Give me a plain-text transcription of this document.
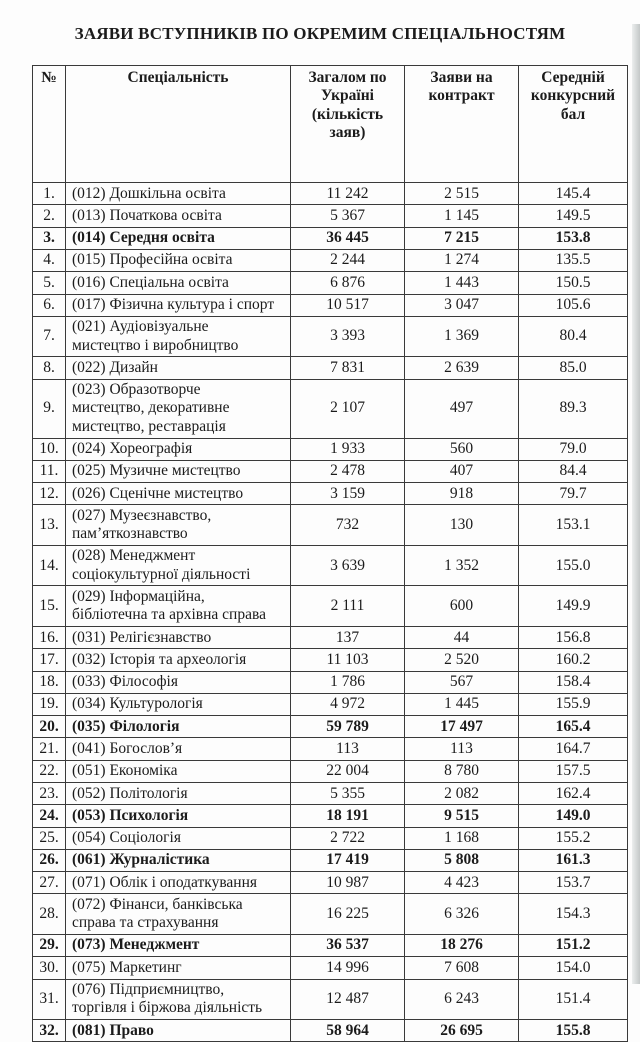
ЗАЯВИ ВСТУПНИКІВ ПО ОКРЕМИМ СПЕЦІАЛЬНОСТЯМ
№	Спеціальність	Загалом по Україні (кількість заяв)	Заяви на контракт	Середній конкурсний бал
1.	(012) Дошкільна освіта	11 242	2 515	145.4
2.	(013) Початкова освіта	5 367	1 145	149.5
3.	(014) Середня освіта	36 445	7 215	153.8
4.	(015) Професійна освіта	2 244	1 274	135.5
5.	(016) Спеціальна освіта	6 876	1 443	150.5
6.	(017) Фізична культура і спорт	10 517	3 047	105.6
7.	(021) Аудіовізуальне мистецтво і виробництво	3 393	1 369	80.4
8.	(022) Дизайн	7 831	2 639	85.0
9.	(023) Образотворче мистецтво, декоративне мистецтво, реставрація	2 107	497	89.3
10.	(024) Хореографія	1 933	560	79.0
11.	(025) Музичне мистецтво	2 478	407	84.4
12.	(026) Сценічне мистецтво	3 159	918	79.7
13.	(027) Музеєзнавство, пам’яткознавство	732	130	153.1
14.	(028) Менеджмент соціокультурної діяльності	3 639	1 352	155.0
15.	(029) Інформаційна, бібліотечна та архівна справа	2 111	600	149.9
16.	(031) Релігієзнавство	137	44	156.8
17.	(032) Історія та археологія	11 103	2 520	160.2
18.	(033) Філософія	1 786	567	158.4
19.	(034) Культурологія	4 972	1 445	155.9
20.	(035) Філологія	59 789	17 497	165.4
21.	(041) Богослов’я	113	113	164.7
22.	(051) Економіка	22 004	8 780	157.5
23.	(052) Політологія	5 355	2 082	162.4
24.	(053) Психологія	18 191	9 515	149.0
25.	(054) Соціологія	2 722	1 168	155.2
26.	(061) Журналістика	17 419	5 808	161.3
27.	(071) Облік і оподаткування	10 987	4 423	153.7
28.	(072) Фінанси, банківська справа та страхування	16 225	6 326	154.3
29.	(073) Менеджмент	36 537	18 276	151.2
30.	(075) Маркетинг	14 996	7 608	154.0
31.	(076) Підприємництво, торгівля і біржова діяльність	12 487	6 243	151.4
32.	(081) Право	58 964	26 695	155.8
